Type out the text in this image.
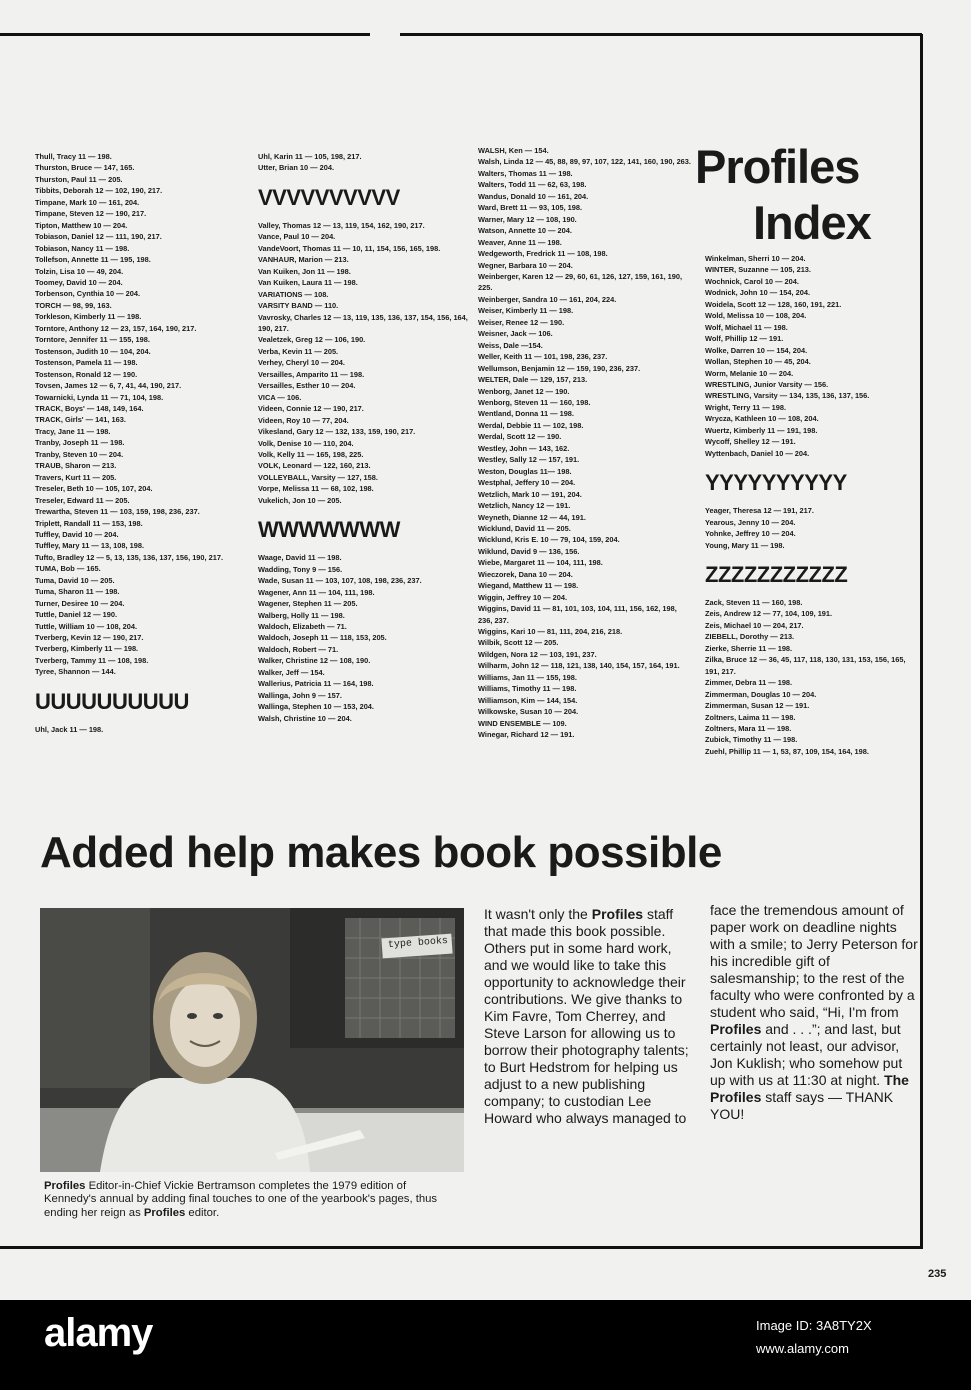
Thull, Tracy 11 — 198.
Thurston, Bruce — 147, 165.
Thurston, Paul 11 — 205.
Tibbits, Deborah 12 — 102, 190, 217.
Timpane, Mark 10 — 161, 204.
Timpane, Steven 12 — 190, 217.
Tipton, Matthew 10 — 204.
Tobiason, Daniel 12 — 111, 190, 217.
Tobiason, Nancy 11 — 198.
Tollefson, Annette 11 — 195, 198.
Tolzin, Lisa 10 — 49, 204.
Toomey, David 10 — 204.
Torbenson, Cynthia 10 — 204.
TORCH — 98, 99, 163.
Torkleson, Kimberly 11 — 198.
Torntore, Anthony 12 — 23, 157, 164, 190, 217.
Torntore, Jennifer 11 — 155, 198.
Tostenson, Judith 10 — 104, 204.
Tostenson, Pamela 11 — 198.
Tostenson, Ronald 12 — 190.
Tovsen, James 12 — 6, 7, 41, 44, 190, 217.
Towarnicki, Lynda 11 — 71, 104, 198.
TRACK, Boys' — 148, 149, 164.
TRACK, Girls' — 141, 163.
Tracy, Jane 11 — 198.
Tranby, Joseph 11 — 198.
Tranby, Steven 10 — 204.
TRAUB, Sharon — 213.
Travers, Kurt 11 — 205.
Treseler, Beth 10 — 105, 107, 204.
Treseler, Edward 11 — 205.
Trewartha, Steven 11 — 103, 159, 198, 236, 237.
Triplett, Randall 11 — 153, 198.
Tuffley, David 10 — 204.
Tuffley, Mary 11 — 13, 108, 198.
Tufto, Bradley 12 — 5, 13, 135, 136, 137, 156, 190, 217.
TUMA, Bob — 165.
Tuma, David 10 — 205.
Tuma, Sharon 11 — 198.
Turner, Desiree 10 — 204.
Tuttle, Daniel 12 — 190.
Tuttle, William 10 — 108, 204.
Tverberg, Kevin 12 — 190, 217.
Tverberg, Kimberly 11 — 198.
Tverberg, Tammy 11 — 108, 198.
Tyree, Shannon — 144.
UUUUUUUUUU
Uhl, Jack 11 — 198.
Uhl, Karin 11 — 105, 198, 217.
Utter, Brian 10 — 204.
VVVVVVVVVV
Valley, Thomas 12 — 13, 119, 154, 162, 190, 217.
Vance, Paul 10 — 204.
VandeVoort, Thomas 11 — 10, 11, 154, 156, 165, 198.
VANHAUR, Marion — 213.
Van Kuiken, Jon 11 — 198.
Van Kuiken, Laura 11 — 198.
VARIATIONS — 108.
VARSITY BAND — 110.
Vavrosky, Charles 12 — 13, 119, 135, 136, 137, 154, 156, 164, 190, 217.
Vealetzek, Greg 12 — 106, 190.
Verba, Kevin 11 — 205.
Verhey, Cheryl 10 — 204.
Versailles, Amparito 11 — 198.
Versailles, Esther 10 — 204.
VICA — 106.
Videen, Connie 12 — 190, 217.
Videen, Roy 10 — 77, 204.
Vikesland, Gary 12 — 132, 133, 159, 190, 217.
Volk, Denise 10 — 110, 204.
Volk, Kelly 11 — 165, 198, 225.
VOLK, Leonard — 122, 160, 213.
VOLLEYBALL, Varsity — 127, 158.
Vorpe, Melissa 11 — 68, 102, 198.
Vukelich, Jon 10 — 205.
WWWWWWW
Waage, David 11 — 198.
Wadding, Tony 9 — 156.
Wade, Susan 11 — 103, 107, 108, 198, 236, 237.
Wagener, Ann 11 — 104, 111, 198.
Wagener, Stephen 11 — 205.
Walberg, Holly 11 — 198.
Waldoch, Elizabeth — 71.
Waldoch, Joseph 11 — 118, 153, 205.
Waldoch, Robert — 71.
Walker, Christine 12 — 108, 190.
Walker, Jeff — 154.
Wallerius, Patricia 11 — 164, 198.
Wallinga, John 9 — 157.
Wallinga, Stephen 10 — 153, 204.
Walsh, Christine 10 — 204.
WALSH, Ken — 154.
Walsh, Linda 12 — 45, 88, 89, 97, 107, 122, 141, 160, 190, 263.
Walters, Thomas 11 — 198.
Walters, Todd 11 — 62, 63, 198.
Wandus, Donald 10 — 161, 204.
Ward, Brett 11 — 93, 105, 198.
Warner, Mary 12 — 108, 190.
Watson, Annette 10 — 204.
Weaver, Anne 11 — 198.
Wedgeworth, Fredrick 11 — 108, 198.
Wegner, Barbara 10 — 204.
Weinberger, Karen 12 — 29, 60, 61, 126, 127, 159, 161, 190, 225.
Weinberger, Sandra 10 — 161, 204, 224.
Weiser, Kimberly 11 — 198.
Weiser, Renee 12 — 190.
Weisner, Jack — 106.
Weiss, Dale —154.
Weller, Keith 11 — 101, 198, 236, 237.
Wellumson, Benjamin 12 — 159, 190, 236, 237.
WELTER, Dale — 129, 157, 213.
Wenborg, Janet 12 — 190.
Wenborg, Steven 11 — 160, 198.
Wentland, Donna 11 — 198.
Werdal, Debbie 11 — 102, 198.
Werdal, Scott 12 — 190.
Westley, John — 143, 162.
Westley, Sally 12 — 157, 191.
Weston, Douglas 11— 198.
Westphal, Jeffery 10 — 204.
Wetzlich, Mark 10 — 191, 204.
Wetzlich, Nancy 12 — 191.
Weyneth, Dianne 12 — 44, 191.
Wicklund, David 11 — 205.
Wicklund, Kris E. 10 — 79, 104, 159, 204.
Wiklund, David 9 — 136, 156.
Wiebe, Margaret 11 — 104, 111, 198.
Wieczorek, Dana 10 — 204.
Wiegand, Matthew 11 — 198.
Wiggin, Jeffrey 10 — 204.
Wiggins, David 11 — 81, 101, 103, 104, 111, 156, 162, 198, 236, 237.
Wiggins, Kari 10 — 81, 111, 204, 216, 218.
Wilbik, Scott 12 — 205.
Wildgen, Nora 12 — 103, 191, 237.
Wilharm, John 12 — 118, 121, 138, 140, 154, 157, 164, 191.
Williams, Jan 11 — 155, 198.
Williams, Timothy 11 — 198.
Williamson, Kim — 144, 154.
Wilkowske, Susan 10 — 204.
WIND ENSEMBLE — 109.
Winegar, Richard 12 — 191.
Profiles
Index
Winkelman, Sherri 10 — 204.
WINTER, Suzanne — 105, 213.
Wochnick, Carol 10 — 204.
Wodnick, John 10 — 154, 204.
Woidela, Scott 12 — 128, 160, 191, 221.
Wold, Melissa 10 — 108, 204.
Wolf, Michael 11 — 198.
Wolf, Phillip 12 — 191.
Wolke, Darren 10 — 154, 204.
Wollan, Stephen 10 — 45, 204.
Worm, Melanie 10 — 204.
WRESTLING, Junior Varsity — 156.
WRESTLING, Varsity — 134, 135, 136, 137, 156.
Wright, Terry 11 — 198.
Wrycza, Kathleen 10 — 108, 204.
Wuertz, Kimberly 11 — 191, 198.
Wycoff, Shelley 12 — 191.
Wyttenbach, Daniel 10 — 204.
YYYYYYYYYY
Yeager, Theresa 12 — 191, 217.
Yearous, Jenny 10 — 204.
Yohnke, Jeffrey 10 — 204.
Young, Mary 11 — 198.
ZZZZZZZZZZZ
Zack, Steven 11 — 160, 198.
Zeis, Andrew 12 — 77, 104, 109, 191.
Zeis, Michael 10 — 204, 217.
ZIEBELL, Dorothy — 213.
Zierke, Sherrie 11 — 198.
Zilka, Bruce 12 — 36, 45, 117, 118, 130, 131, 153, 156, 165, 191, 217.
Zimmer, Debra 11 — 198.
Zimmerman, Douglas 10 — 204.
Zimmerman, Susan 12 — 191.
Zoltners, Laima 11 — 198.
Zoltners, Mara 11 — 198.
Zubick, Timothy 11 — 198.
Zuehl, Phillip 11 — 1, 53, 87, 109, 154, 164, 198.
Added help makes book possible
type books
Profiles Editor-in-Chief Vickie Bertramson completes the 1979 edition of Kennedy's annual by adding final touches to one of the yearbook's pages, thus ending her reign as Profiles editor.
It wasn't only the Profiles staff that made this book possible. Others put in some hard work, and we would like to take this opportunity to acknowledge their contributions. We give thanks to Kim Favre, Tom Cherrey, and Steve Larson for allowing us to borrow their photography talents; to Burt Hedstrom for helping us adjust to a new publishing company; to custodian Lee Howard who always managed to
face the tremendous amount of paper work on deadline nights with a smile; to Jerry Peterson for his incredible gift of salesmanship; to the rest of the faculty who were confronted by a student who said, “Hi, I'm from Profiles and . . .”; and last, but certainly not least, our advisor, Jon Kuklish; who somehow put up with us at 11:30 at night. The Profiles staff says — THANK YOU!
235
alamy	Image ID: 3A8TY2X
www.alamy.com
